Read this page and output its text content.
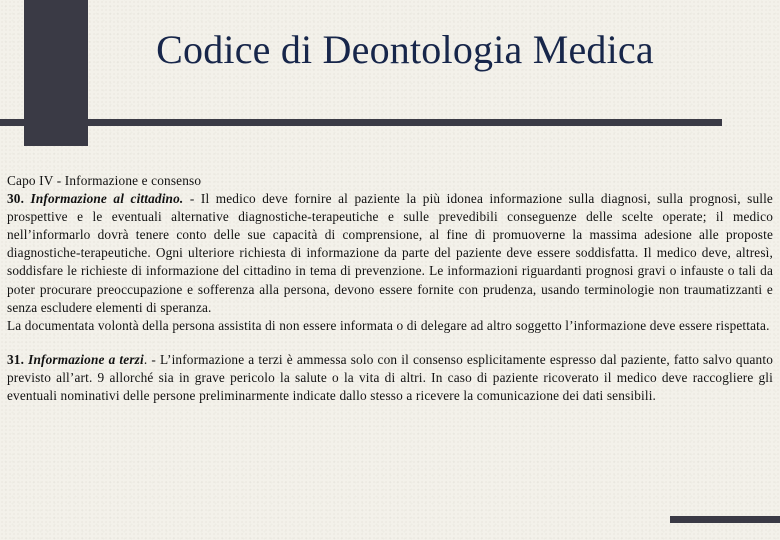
Codice di Deontologia Medica

Capo IV - Informazione e consenso

30. Informazione al cittadino. - Il medico deve fornire al paziente la più idonea informazione sulla diagnosi, sulla prognosi, sulle prospettive e le eventuali alternative diagnostiche-terapeutiche e sulle prevedibili conseguenze delle scelte operate; il medico nell’informarlo dovrà tenere conto delle sue capacità di comprensione, al fine di promuoverne la massima adesione alle proposte diagnostiche-terapeutiche. Ogni ulteriore richiesta di informazione da parte del paziente deve essere soddisfatta. Il medico deve, altresì, soddisfare le richieste di informazione del cittadino in tema di prevenzione. Le informazioni riguardanti prognosi gravi o infauste o tali da poter procurare preoccupazione e sofferenza alla persona, devono essere fornite con prudenza, usando terminologie non traumatizzanti e senza escludere elementi di speranza.

La documentata volontà della persona assistita di non essere informata o di delegare ad altro soggetto l’informazione deve essere rispettata.

31. Informazione a terzi. - L’informazione a terzi è ammessa solo con il consenso esplicitamente espresso dal paziente, fatto salvo quanto previsto all’art. 9 allorché sia in grave pericolo la salute o la vita di altri. In caso di paziente ricoverato il medico deve raccogliere gli eventuali nominativi delle persone preliminarmente indicate dallo stesso a ricevere la comunicazione dei dati sensibili.
